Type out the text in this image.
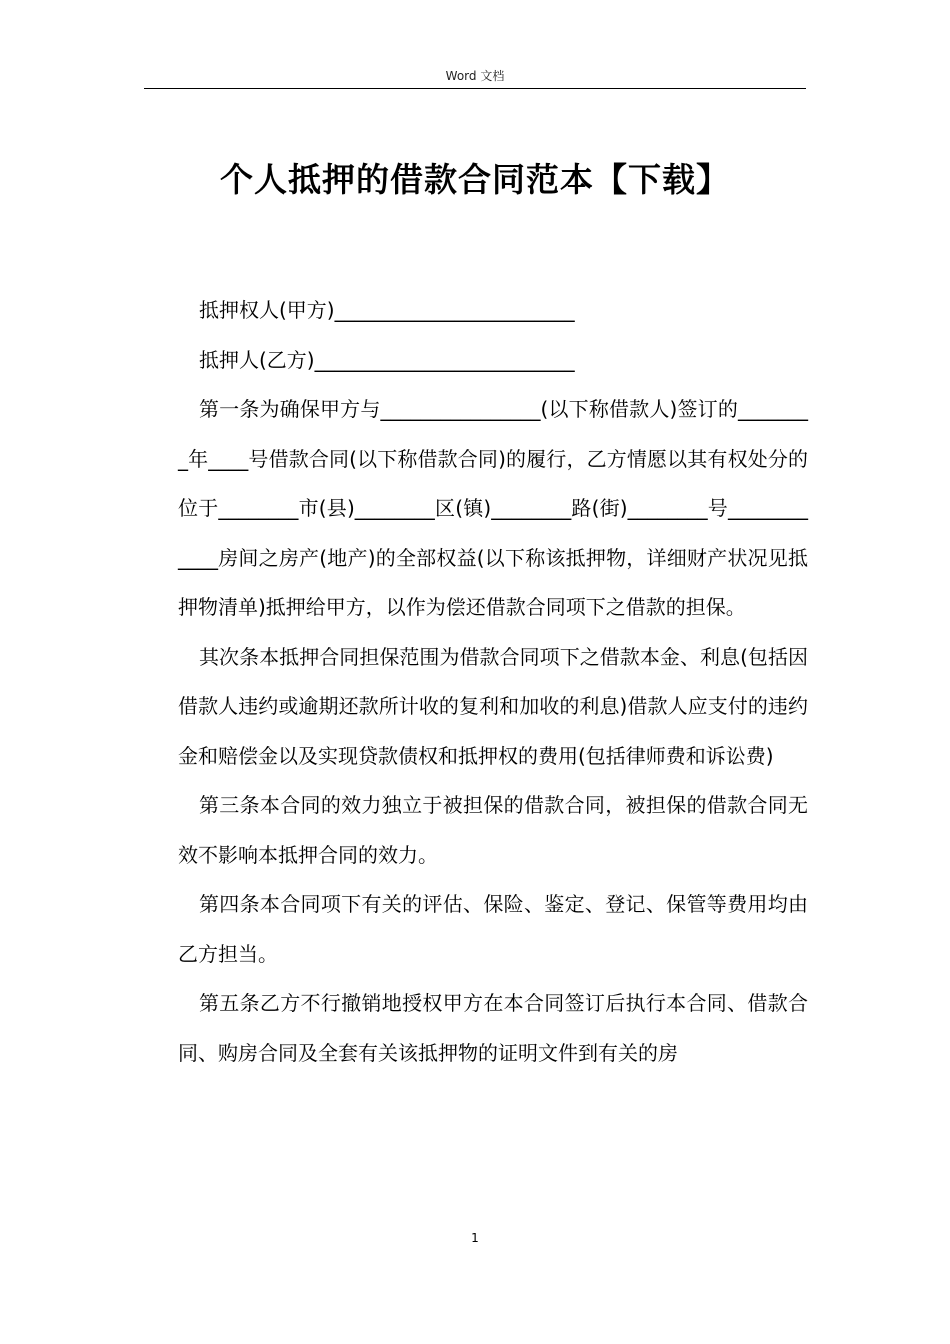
Word 文档
个人抵押的借款合同范本【下载】

抵押权人(甲方)________________________

抵押人(乙方)__________________________

第一条为确保甲方与________________(以下称借款人)签订的________年____号借款合同(以下称借款合同)的履行，乙方情愿以其有权处分的位于________市(县)________区(镇)________路(街)________号____________房间之房产(地产)的全部权益(以下称该抵押物，详细财产状况见抵押物清单)抵押给甲方，以作为偿还借款合同项下之借款的担保。

其次条本抵押合同担保范围为借款合同项下之借款本金、利息(包括因借款人违约或逾期还款所计收的复利和加收的利息)借款人应支付的违约金和赔偿金以及实现贷款债权和抵押权的费用(包括律师费和诉讼费)

第三条本合同的效力独立于被担保的借款合同，被担保的借款合同无效不影响本抵押合同的效力。

第四条本合同项下有关的评估、保险、鉴定、登记、保管等费用均由乙方担当。

第五条乙方不行撤销地授权甲方在本合同签订后执行本合同、借款合同、购房合同及全套有关该抵押物的证明文件到有关的房

1
